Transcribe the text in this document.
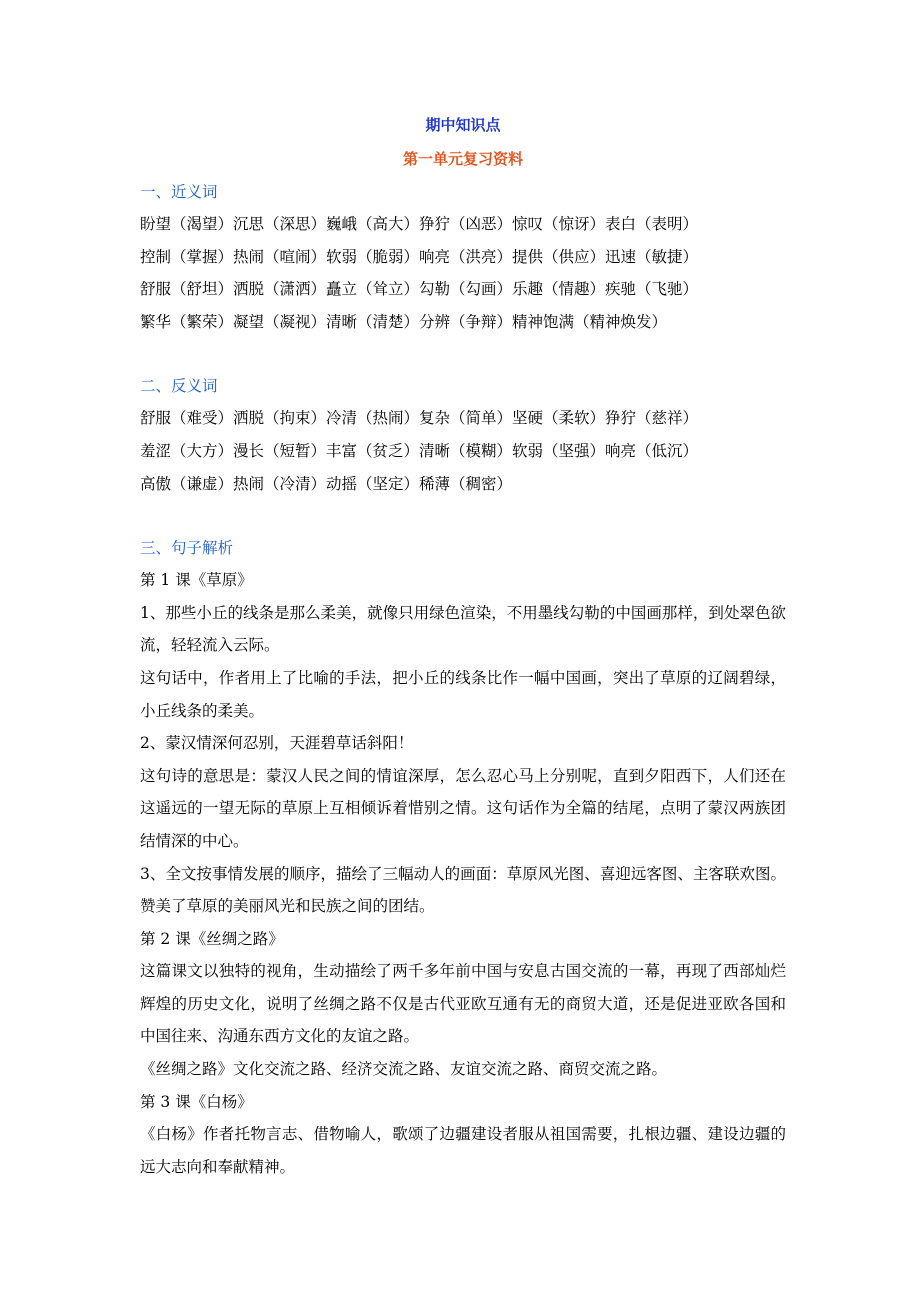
期中知识点

第一单元复习资料

一、近义词

盼望（渴望）沉思（深思）巍峨（高大）狰狞（凶恶）惊叹（惊讶）表白（表明）

控制（掌握）热闹（喧闹）软弱（脆弱）响亮（洪亮）提供（供应）迅速（敏捷）

舒服（舒坦）洒脱（潇洒）矗立（耸立）勾勒（勾画）乐趣（情趣）疾驰（飞驰）

繁华（繁荣）凝望（凝视）清晰（清楚）分辨（争辩）精神饱满（精神焕发）

二、反义词

舒服（难受）洒脱（拘束）冷清（热闹）复杂（简单）坚硬（柔软）狰狞（慈祥）

羞涩（大方）漫长（短暂）丰富（贫乏）清晰（模糊）软弱（坚强）响亮（低沉）

高傲（谦虚）热闹（冷清）动摇（坚定）稀薄（稠密）

三、句子解析

第 1 课《草原》

1、那些小丘的线条是那么柔美，就像只用绿色渲染，不用墨线勾勒的中国画那样，到处翠色欲流，轻轻流入云际。

这句话中，作者用上了比喻的手法，把小丘的线条比作一幅中国画，突出了草原的辽阔碧绿，小丘线条的柔美。

2、蒙汉情深何忍别，天涯碧草话斜阳！

这句诗的意思是：蒙汉人民之间的情谊深厚，怎么忍心马上分别呢，直到夕阳西下，人们还在这遥远的一望无际的草原上互相倾诉着惜别之情。这句话作为全篇的结尾，点明了蒙汉两族团结情深的中心。

3、全文按事情发展的顺序，描绘了三幅动人的画面：草原风光图、喜迎远客图、主客联欢图。赞美了草原的美丽风光和民族之间的团结。

第 2 课《丝绸之路》

这篇课文以独特的视角，生动描绘了两千多年前中国与安息古国交流的一幕，再现了西部灿烂辉煌的历史文化，说明了丝绸之路不仅是古代亚欧互通有无的商贸大道，还是促进亚欧各国和中国往来、沟通东西方文化的友谊之路。

《丝绸之路》文化交流之路、经济交流之路、友谊交流之路、商贸交流之路。

第 3 课《白杨》

《白杨》作者托物言志、借物喻人，歌颂了边疆建设者服从祖国需要，扎根边疆、建设边疆的远大志向和奉献精神。
